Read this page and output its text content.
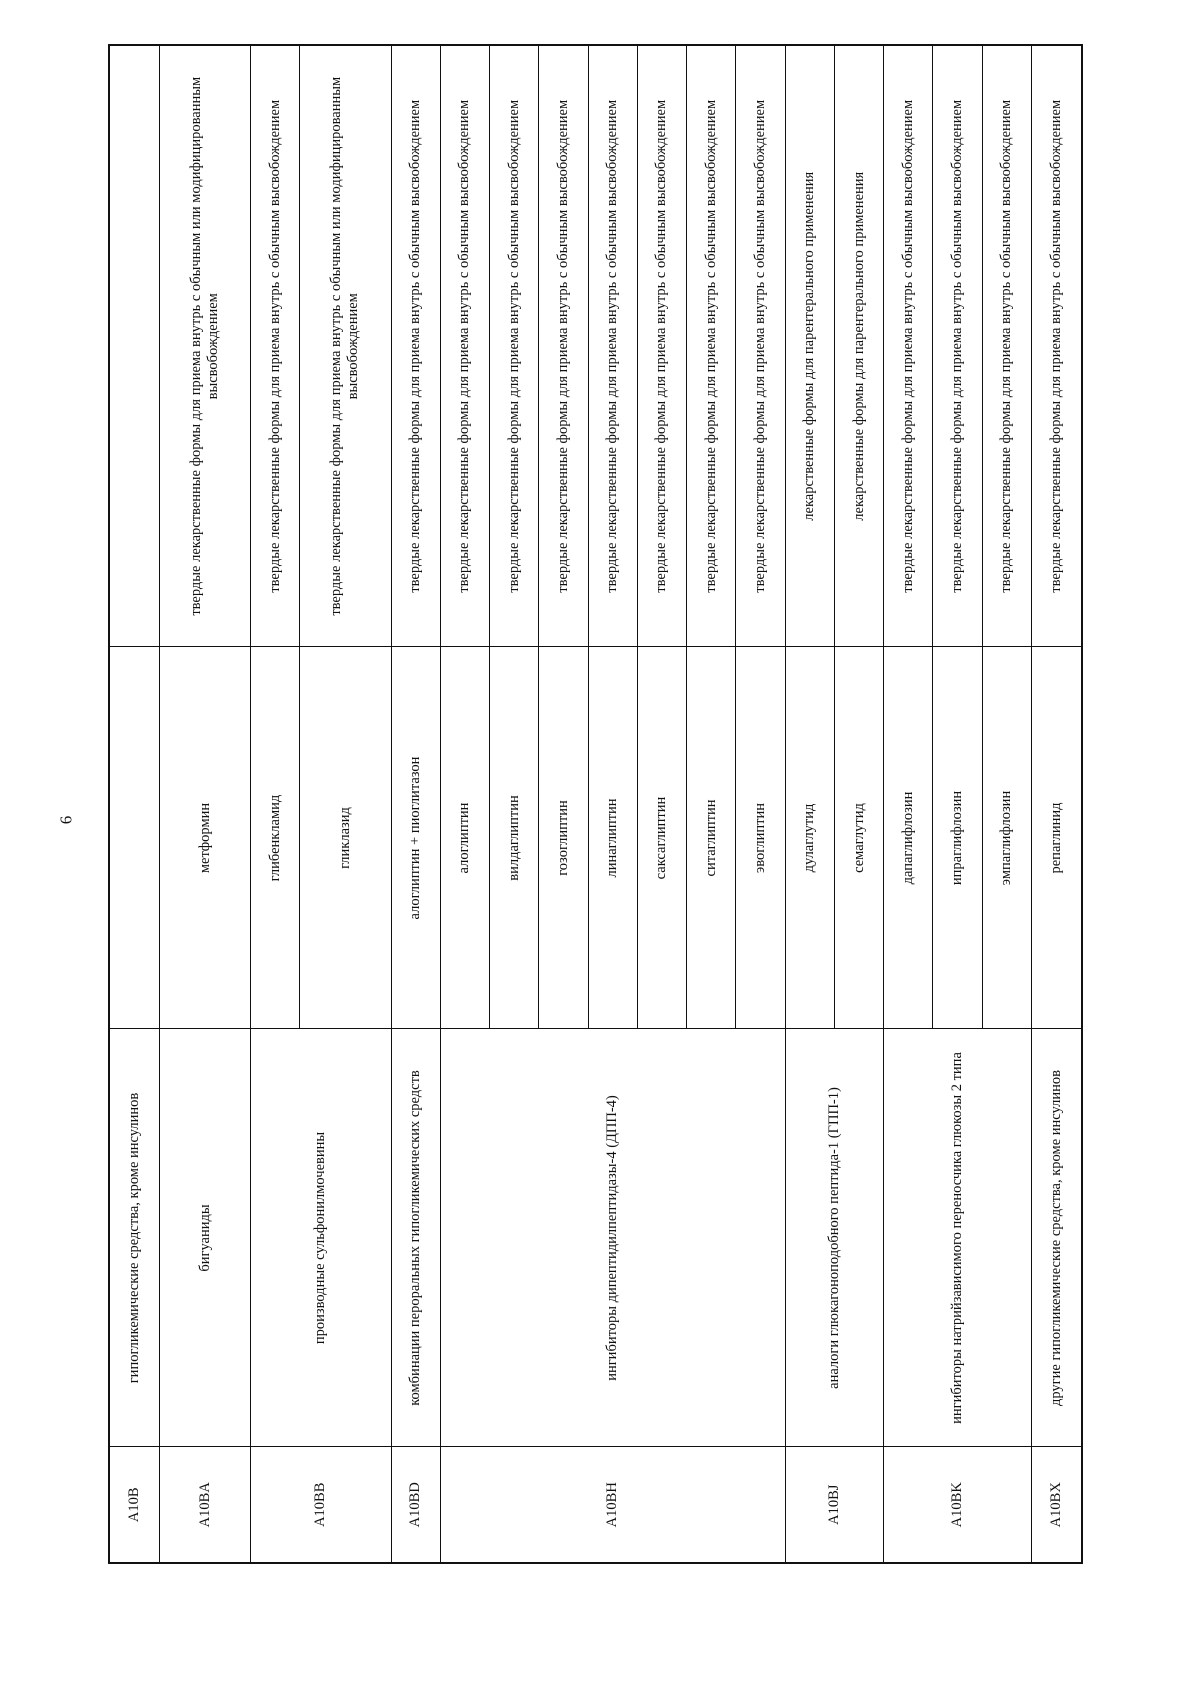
6
A10B	гипогликемические средства, кроме инсулинов		
A10BA	бигуаниды	метформин	твердые лекарственные формы для приема внутрь с обычным или модифицированным высвобождением
A10BB	производные сульфонилмочевины	глибенкламид	твердые лекарственные формы для приема внутрь с обычным высвобождением
		гликлазид	твердые лекарственные формы для приема внутрь с обычным или модифицированным высвобождением
A10BD	комбинации пероральных гипогликемических средств	алоглиптин + пиоглитазон	твердые лекарственные формы для приема внутрь с обычным высвобождением
A10BH	ингибиторы дипептидилпептидазы-4 (ДПП-4)	алоглиптин	твердые лекарственные формы для приема внутрь с обычным высвобождением
		вилдаглиптин	твердые лекарственные формы для приема внутрь с обычным высвобождением
		гозоглиптин	твердые лекарственные формы для приема внутрь с обычным высвобождением
		линаглиптин	твердые лекарственные формы для приема внутрь с обычным высвобождением
		саксаглиптин	твердые лекарственные формы для приема внутрь с обычным высвобождением
		ситаглиптин	твердые лекарственные формы для приема внутрь с обычным высвобождением
		эвоглиптин	твердые лекарственные формы для приема внутрь с обычным высвобождением
A10BJ	аналоги глюкагоноподобного пептида-1 (ГПП-1)	дулаглутид	лекарственные формы для парентерального применения
		семаглутид	лекарственные формы для парентерального применения
A10BK	ингибиторы натрийзависимого переносчика глюкозы 2 типа	дапаглифлозин	твердые лекарственные формы для приема внутрь с обычным высвобождением
		ипраглифлозин	твердые лекарственные формы для приема внутрь с обычным высвобождением
		эмпаглифлозин	твердые лекарственные формы для приема внутрь с обычным высвобождением
A10BX	другие гипогликемические средства, кроме инсулинов	репаглинид	твердые лекарственные формы для приема внутрь с обычным высвобождением
